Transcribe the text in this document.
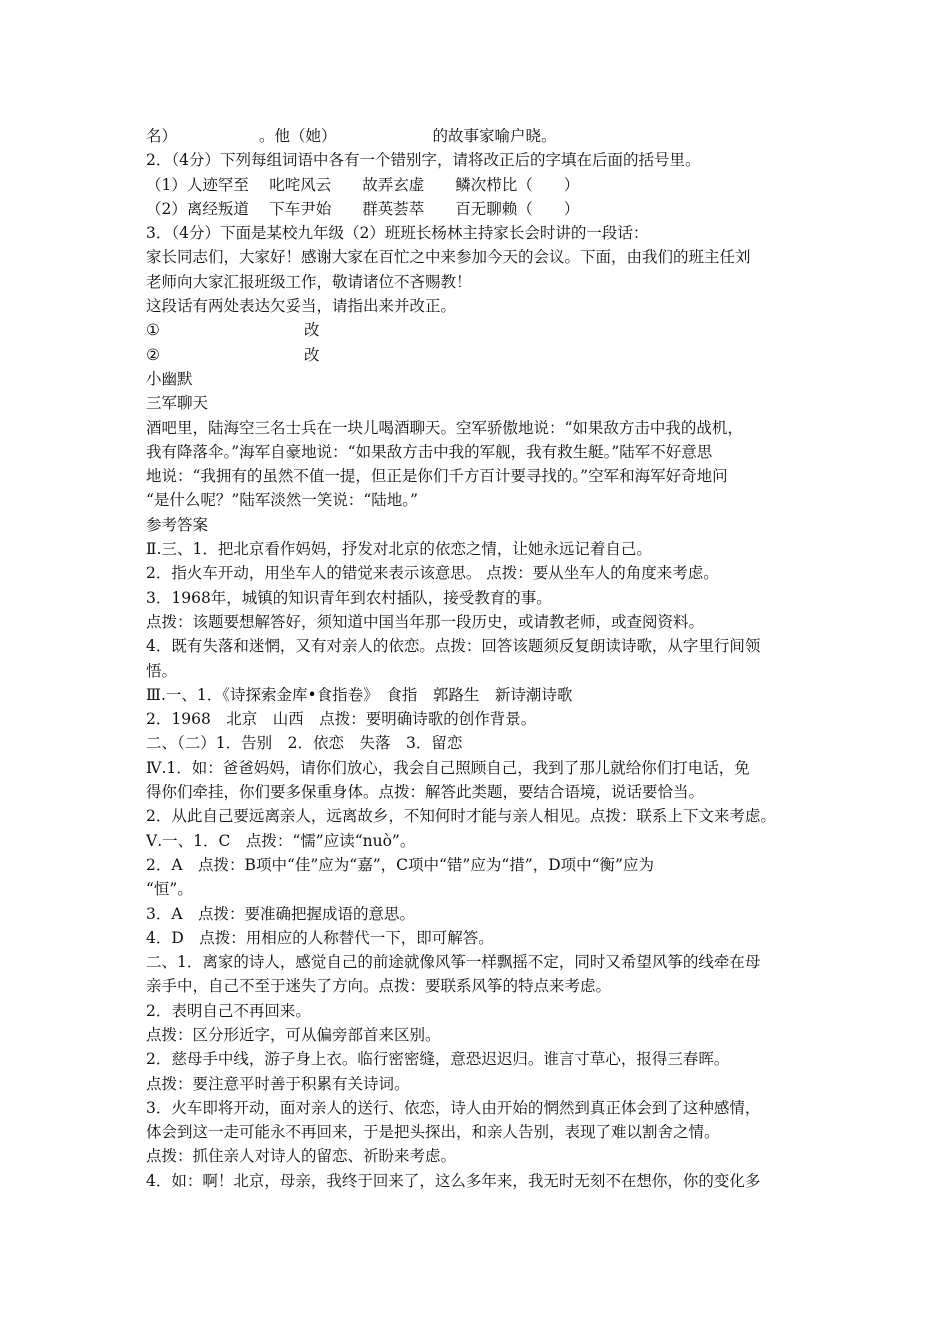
名）	。他（她）	的故事家喻户晓。
2．（4分）下列每组词语中各有一个错别字，请将改正后的字填在后面的括号里。
（1）人迹罕至　 叱咤风云　　故弄玄虚　　鳞次栉比（　　）
（2）离经叛道　 下车尹始　　群英荟萃　　百无聊赖（　　）
3．（4分）下面是某校九年级（2）班班长杨林主持家长会时讲的一段话：
家长同志们，大家好！感谢大家在百忙之中来参加今天的会议。下面，由我们的班主任刘
老师向大家汇报班级工作，敬请诸位不吝赐教！
这段话有两处表达欠妥当，请指出来并改正。
①	改
②	改
小幽默
三军聊天
酒吧里，陆海空三名士兵在一块儿喝酒聊天。空军骄傲地说：“如果敌方击中我的战机，
我有降落伞。”海军自豪地说：“如果敌方击中我的军舰，我有救生艇。”陆军不好意思
地说：“我拥有的虽然不值一提，但正是你们千方百计要寻找的。”空军和海军好奇地问
“是什么呢？”陆军淡然一笑说：“陆地。”
参考答案
Ⅱ.三、1．把北京看作妈妈，抒发对北京的依恋之情，让她永远记着自己。
2．指火车开动，用坐车人的错觉来表示该意思。 点拨：要从坐车人的角度来考虑。
3．1968年，城镇的知识青年到农村插队，接受教育的事。
点拨：该题要想解答好，须知道中国当年那一段历史，或请教老师，或查阅资料。
4．既有失落和迷惘，又有对亲人的依恋。点拨：回答该题须反复朗读诗歌，从字里行间领
悟。
Ⅲ.一、1．《诗探索金库•食指卷》　食指　郭路生　新诗潮诗歌
2．1968　北京　山西　点拨：要明确诗歌的创作背景。
二、（二）1．告别　2．依恋　失落　3．留恋
Ⅳ.1．如：爸爸妈妈，请你们放心，我会自己照顾自己，我到了那儿就给你们打电话，免
得你们牵挂，你们要多保重身体。点拨：解答此类题，要结合语境，说话要恰当。
2．从此自己要远离亲人，远离故乡，不知何时才能与亲人相见。点拨：联系上下文来考虑。
Ⅴ.一、1．C　点拨：“懦”应读“nuò”。
2．A　点拨：B项中“佳”应为“嘉”，C项中“错”应为“措”，D项中“衡”应为
“恒”。
3．A　点拨：要准确把握成语的意思。
4．D　点拨：用相应的人称替代一下，即可解答。
二、1．离家的诗人，感觉自己的前途就像风筝一样飘摇不定，同时又希望风筝的线牵在母
亲手中，自己不至于迷失了方向。点拨：要联系风筝的特点来考虑。
2．表明自己不再回来。
点拨：区分形近字，可从偏旁部首来区别。
2．慈母手中线，游子身上衣。临行密密缝，意恐迟迟归。谁言寸草心，报得三春晖。
点拨：要注意平时善于积累有关诗词。
3．火车即将开动，面对亲人的送行、依恋，诗人由开始的惘然到真正体会到了这种感情，
体会到这一走可能永不再回来，于是把头探出，和亲人告别，表现了难以割舍之情。
点拨：抓住亲人对诗人的留恋、祈盼来考虑。
4．如：啊！北京，母亲，我终于回来了，这么多年来，我无时无刻不在想你，你的变化多
